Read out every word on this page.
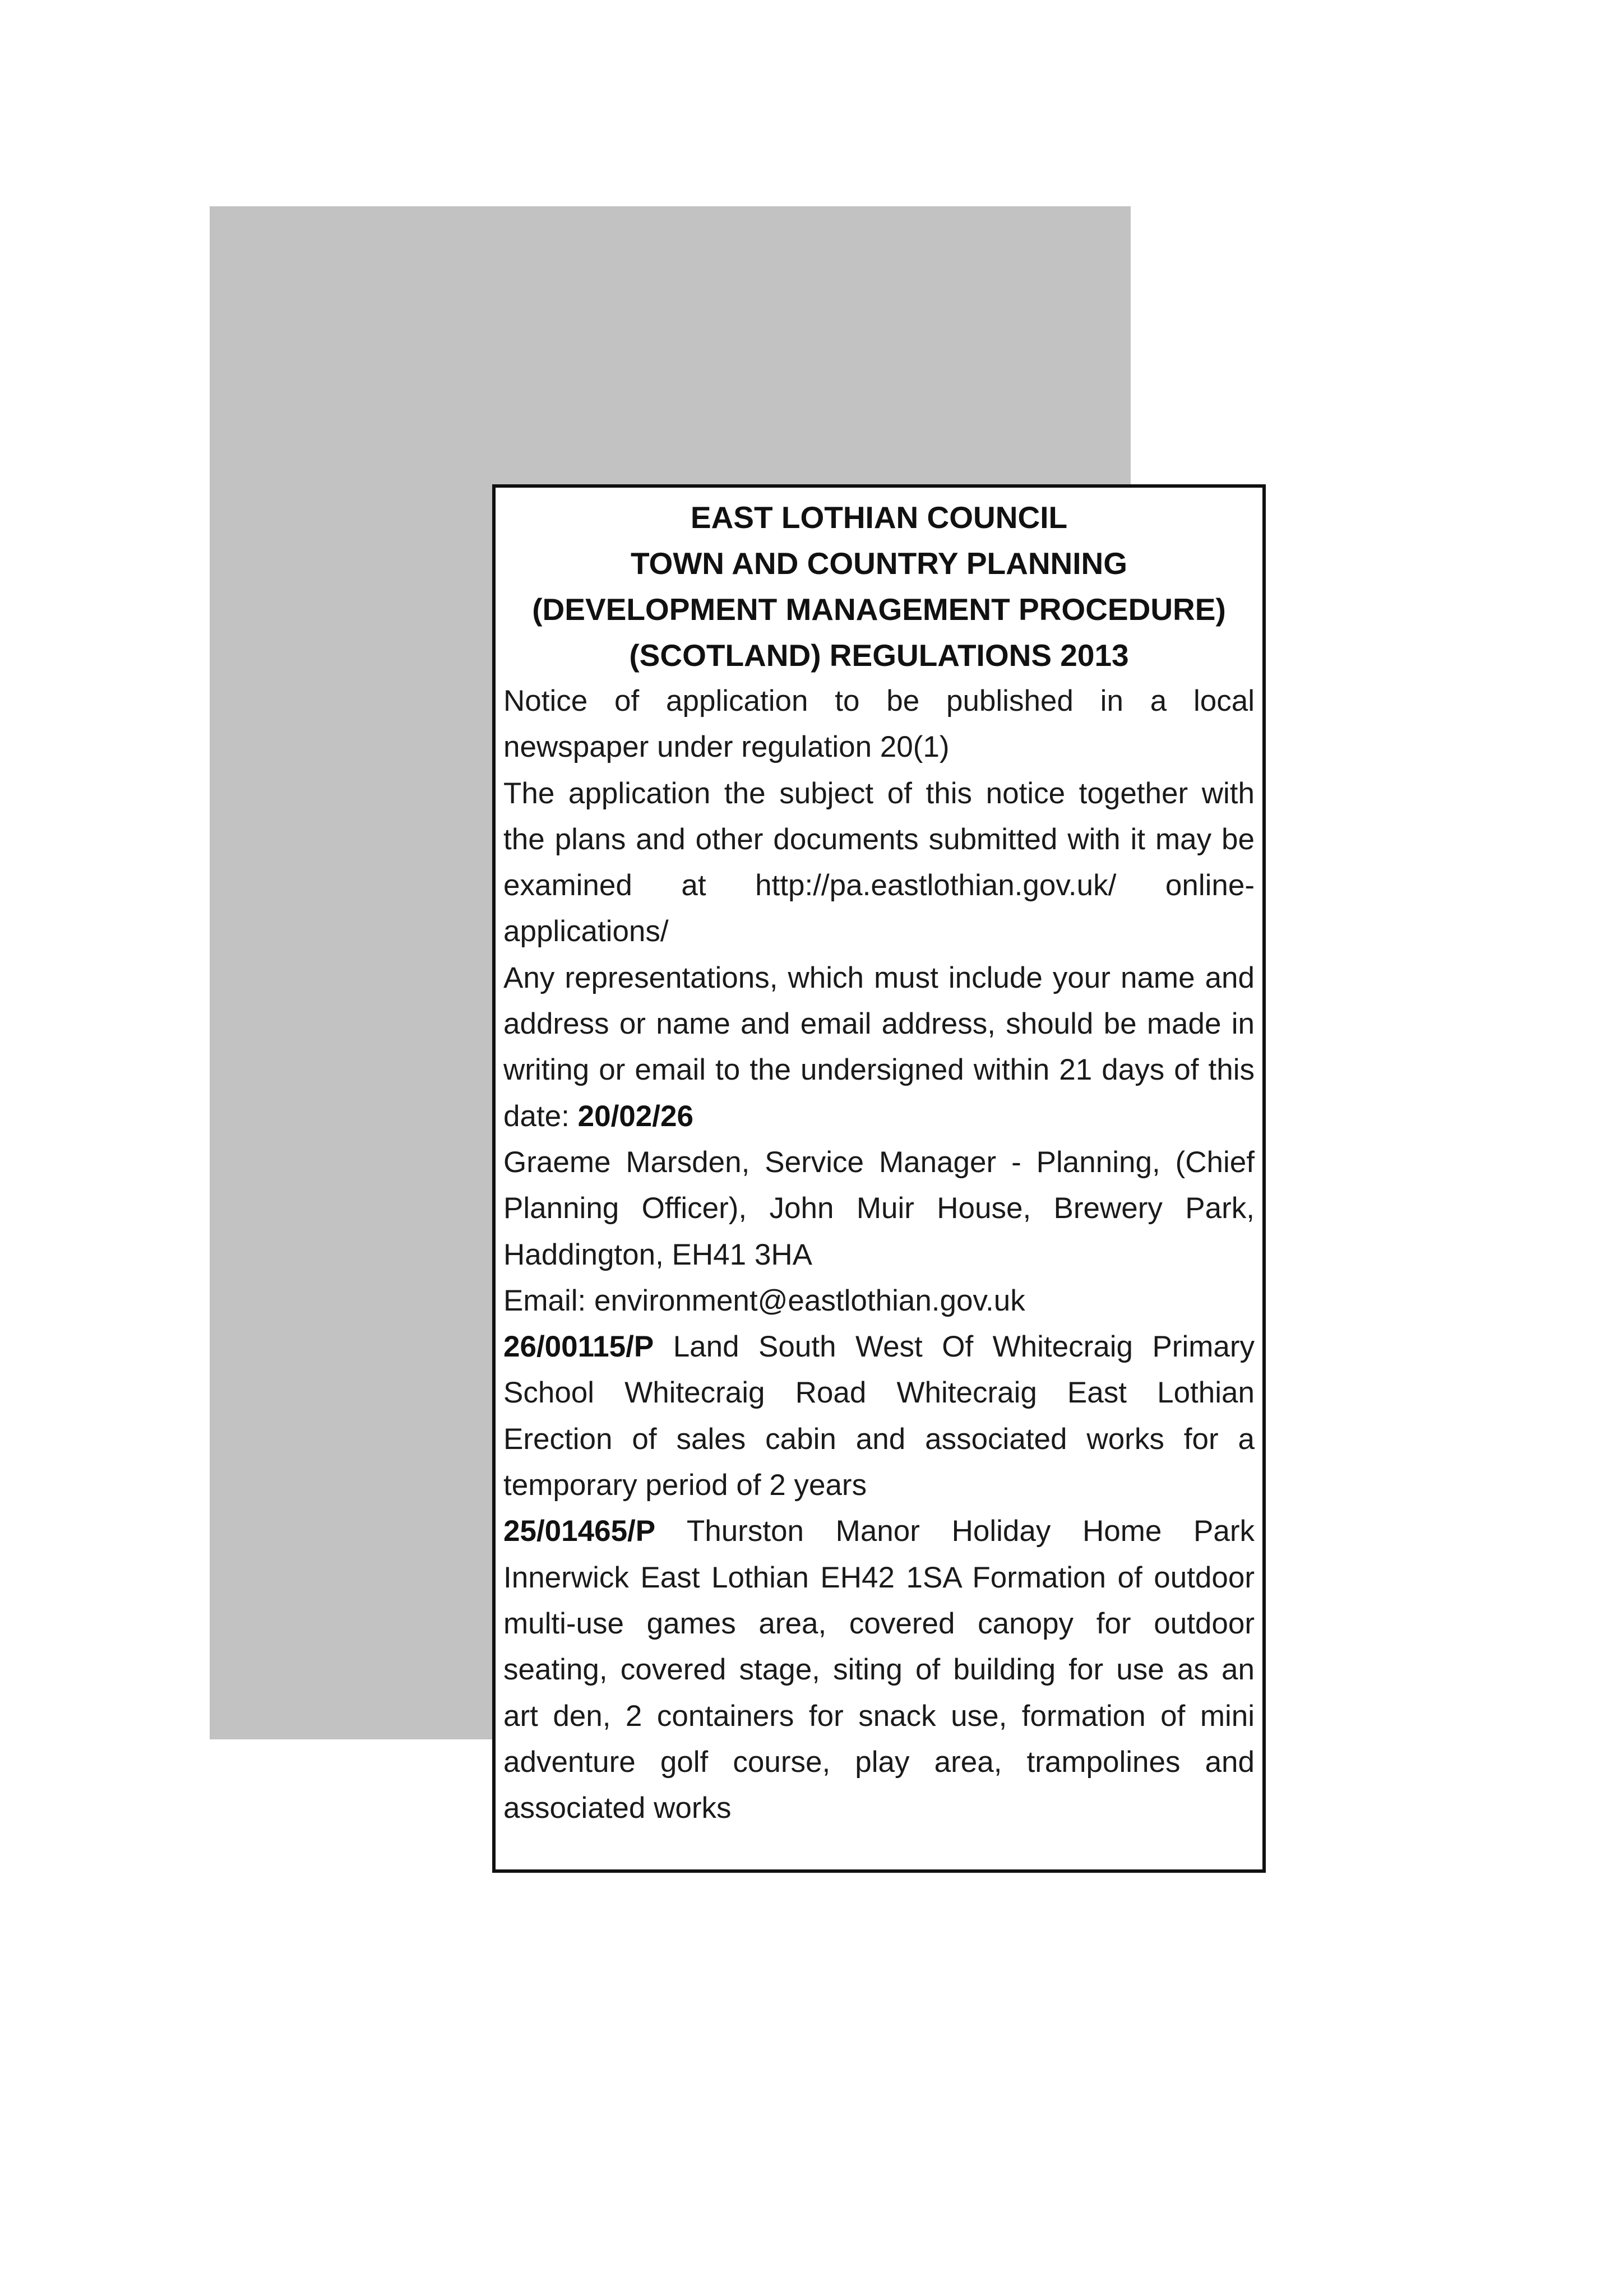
EAST LOTHIAN COUNCIL

TOWN AND COUNTRY PLANNING

(DEVELOPMENT MANAGEMENT PROCEDURE)

(SCOTLAND) REGULATIONS 2013

Notice of application to be published in a local newspaper under regulation 20(1)

The application the subject of this notice together with the plans and other documents submitted with it may be examined at http://pa.eastlothian.gov.uk/ online-applications/

Any representations, which must include your name and address or name and email address, should be made in writing or email to the undersigned within 21 days of this date: 20/02/26

Graeme Marsden, Service Manager - Planning, (Chief Planning Officer), John Muir House, Brewery Park, Haddington, EH41 3HA

Email: environment@eastlothian.gov.uk

26/00115/P Land South West Of Whitecraig Primary School Whitecraig Road Whitecraig East Lothian Erection of sales cabin and associated works for a temporary period of 2 years

25/01465/P Thurston Manor Holiday Home Park Innerwick East Lothian EH42 1SA Formation of outdoor multi-use games area, covered canopy for outdoor seating, covered stage, siting of building for use as an art den, 2 containers for snack use, formation of mini adventure golf course, play area, trampolines and associated works
